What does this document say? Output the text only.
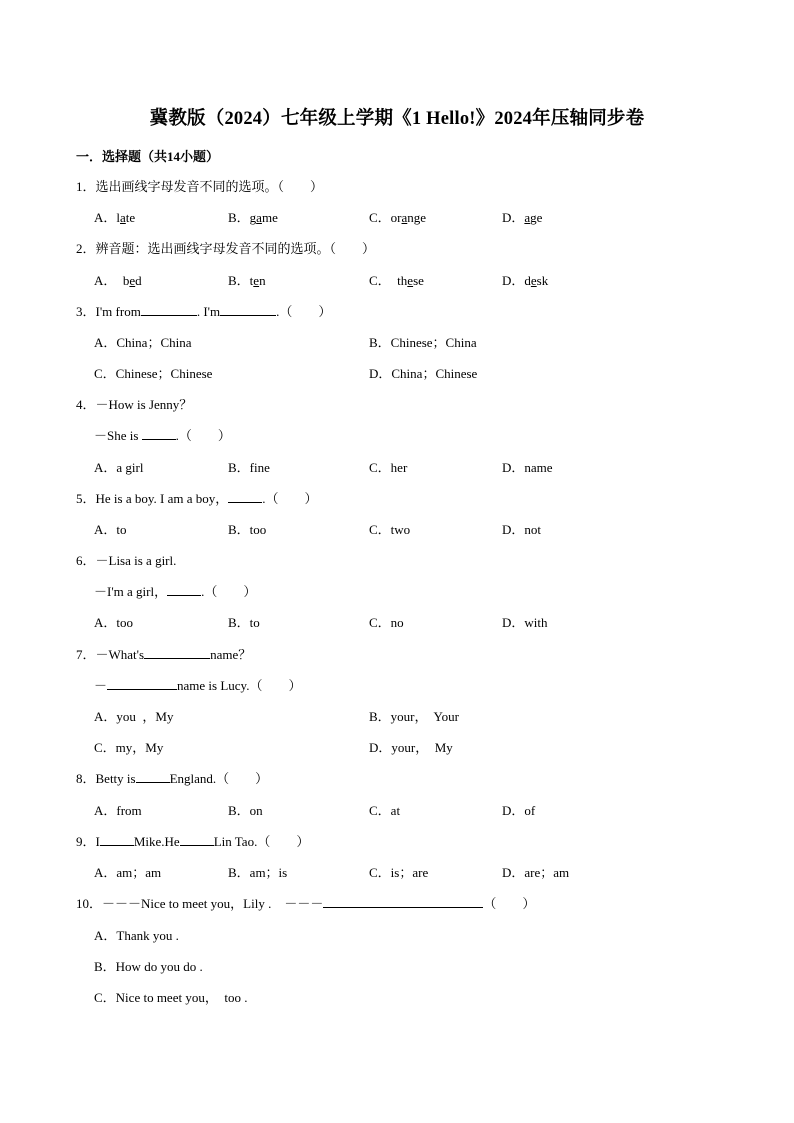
冀教版（2024）七年级上学期《1 Hello!》2024年压轴同步卷
一．选择题（共14小题）
1．选出画线字母发音不同的选项。（　　）
A．late	B．game	C．orange	D．age
2．辨音题：选出画线字母发音不同的选项。（　　）
A．  bed	B．ten	C．  these	D．desk
3．I'm from	. I'm	.（　　）
A．China；China	B．Chinese；China
C．Chinese；Chinese	D．China；Chinese
4．－How is Jenny？
－She is	.（　　）
A．a girl	B．fine	C．her	D．name
5．He is a boy. I am a boy，	.（　　）
A．to	B．too	C．two	D．not
6．－Lisa is a girl.
－I'm a girl，	.（　　）
A．too	B．to	C．no	D．with
7．－What's	name？
－	name is Lucy.（　　）
A．you  ，My	B．your，  Your
C．my，My	D．your，  My
8．Betty is	England.（　　）
A．from	B．on	C．at	D．of
9．I	Mike.He	Lin Tao.（　　）
A．am；am	B．am；is	C．is；are	D．are；am
10．－－－Nice to meet you，Lily .　－－－	（　　）
A．Thank you .
B．How do you do .
C．Nice to meet you，  too .
